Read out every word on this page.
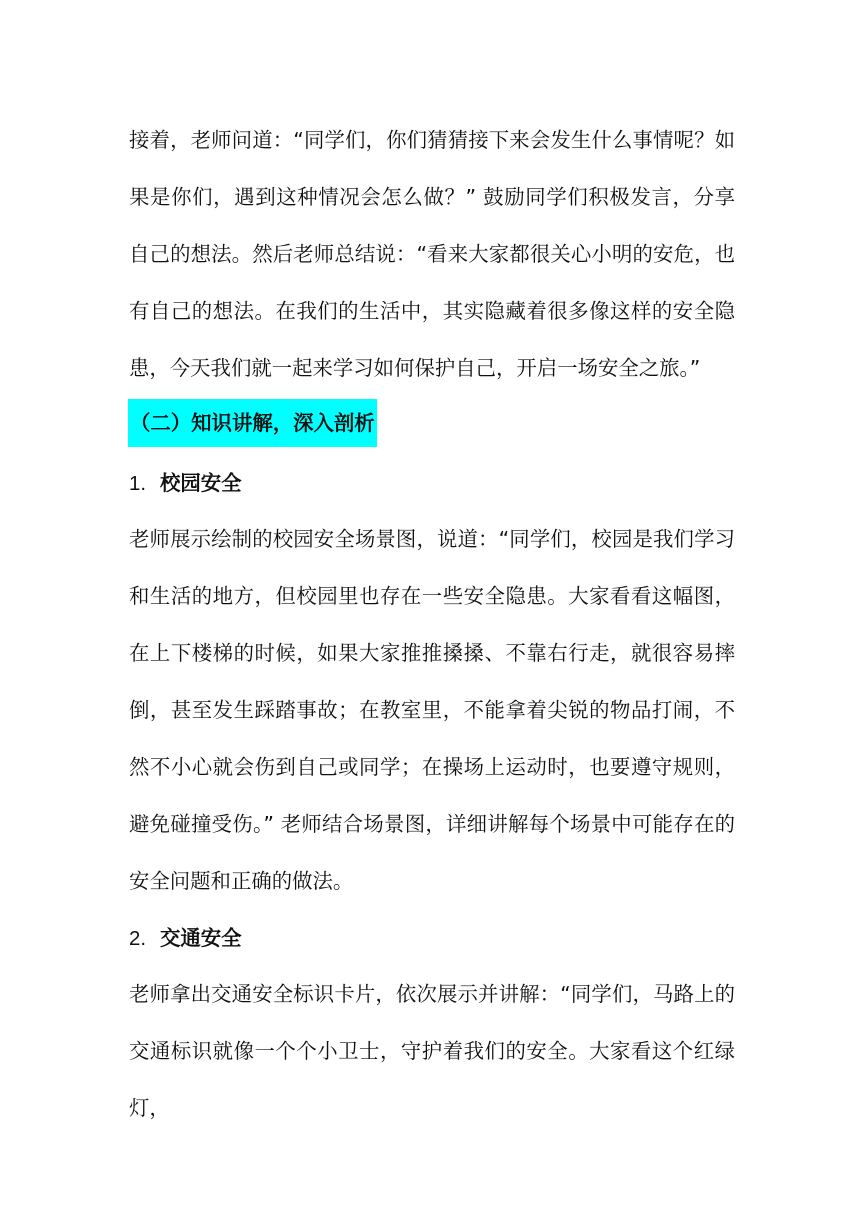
接着，老师问道：“同学们，你们猜猜接下来会发生什么事情呢？如果是你们，遇到这种情况会怎么做？” 鼓励同学们积极发言，分享自己的想法。然后老师总结说：“看来大家都很关心小明的安危，也有自己的想法。在我们的生活中，其实隐藏着很多像这样的安全隐患，今天我们就一起来学习如何保护自己，开启一场安全之旅。”

（二）知识讲解，深入剖析
1. 校园安全

老师展示绘制的校园安全场景图，说道：“同学们，校园是我们学习和生活的地方，但校园里也存在一些安全隐患。大家看看这幅图，在上下楼梯的时候，如果大家推推搡搡、不靠右行走，就很容易摔倒，甚至发生踩踏事故；在教室里，不能拿着尖锐的物品打闹，不然不小心就会伤到自己或同学；在操场上运动时，也要遵守规则，避免碰撞受伤。” 老师结合场景图，详细讲解每个场景中可能存在的安全问题和正确的做法。

2. 交通安全

老师拿出交通安全标识卡片，依次展示并讲解：“同学们，马路上的交通标识就像一个个小卫士，守护着我们的安全。大家看这个红绿灯，
